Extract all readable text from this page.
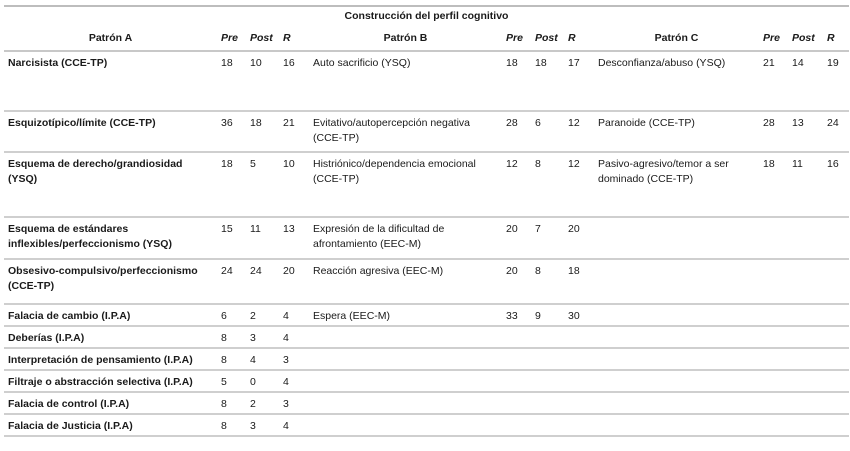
Construcción del perfil cognitivo											
Patrón A	Pre	Post	R	Patrón B	Pre	Post	R	Patrón C	Pre	Post	R
Narcisista (CCE-TP)	18	10	16	Auto sacrificio (YSQ)	18	18	17	Desconfianza/abuso (YSQ)	21	14	19
Esquizotípico/límite (CCE-TP)	36	18	21	Evitativo/autopercepción negativa (CCE-TP)	28	6	12	Paranoide (CCE-TP)	28	13	24
Esquema de derecho/grandiosidad (YSQ)	18	5	10	Histriónico/dependencia emocional (CCE-TP)	12	8	12	Pasivo-agresivo/temor a ser dominado (CCE-TP)	18	11	16
Esquema de estándares inflexibles/perfeccionismo (YSQ)	15	11	13	Expresión de la dificultad de afrontamiento (EEC-M)	20	7	20				
Obsesivo-compulsivo/perfeccionismo (CCE-TP)	24	24	20	Reacción agresiva (EEC-M)	20	8	18				
Falacia de cambio (I.P.A)	6	2	4	Espera (EEC-M)	33	9	30				
Deberías (I.P.A)	8	3	4								
Interpretación de pensamiento (I.P.A)	8	4	3								
Filtraje o abstracción selectiva (I.P.A)	5	0	4								
Falacia de control (I.P.A)	8	2	3								
Falacia de Justicia (I.P.A)	8	3	4								
